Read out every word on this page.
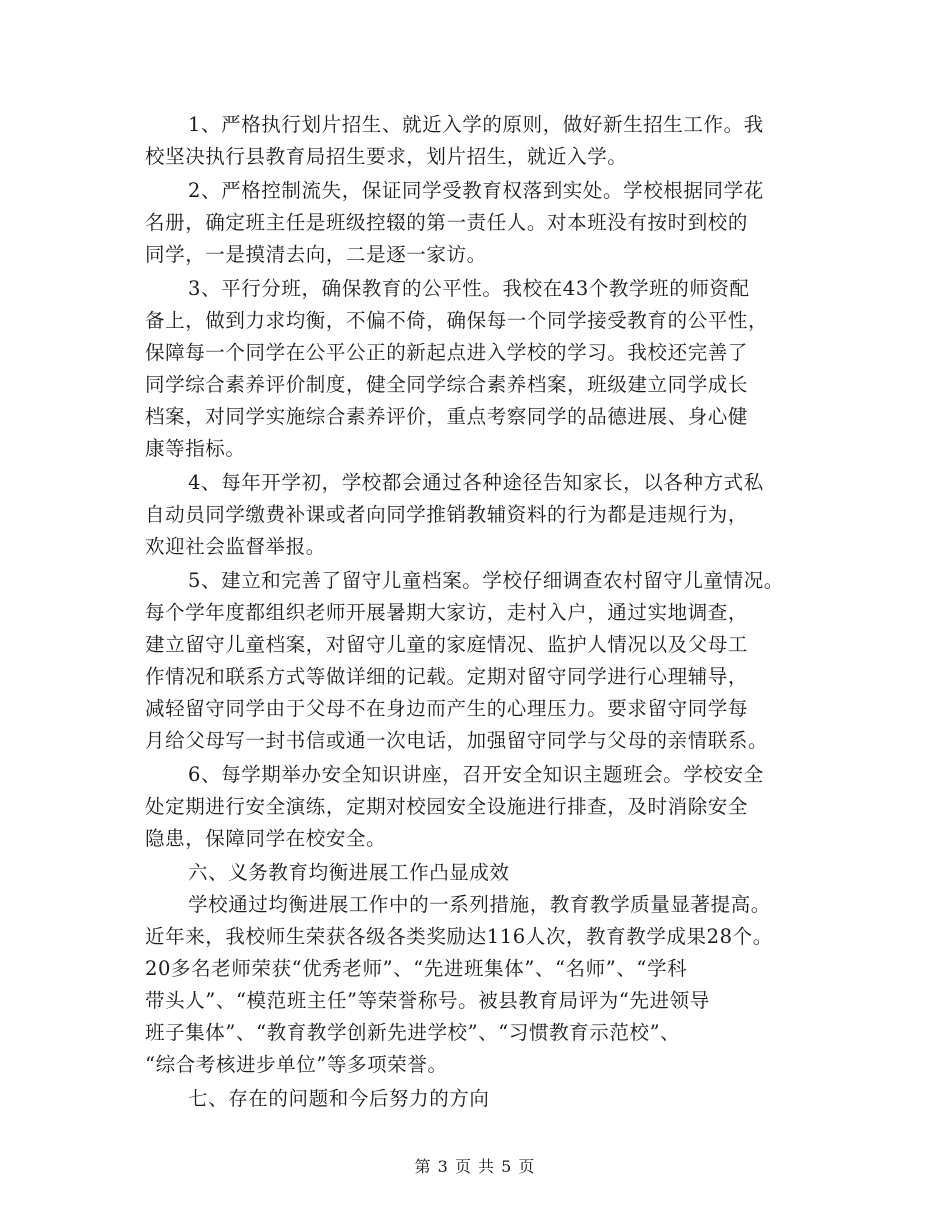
1、严格执行划片招生、就近入学的原则，做好新生招生工作。我
校坚决执行县教育局招生要求，划片招生，就近入学。
2、严格控制流失，保证同学受教育权落到实处。学校根据同学花
名册，确定班主任是班级控辍的第一责任人。对本班没有按时到校的
同学，一是摸清去向，二是逐一家访。
3、平行分班，确保教育的公平性。我校在43个教学班的师资配
备上，做到力求均衡，不偏不倚，确保每一个同学接受教育的公平性，
保障每一个同学在公平公正的新起点进入学校的学习。我校还完善了
同学综合素养评价制度，健全同学综合素养档案，班级建立同学成长
档案，对同学实施综合素养评价，重点考察同学的品德进展、身心健
康等指标。
4、每年开学初，学校都会通过各种途径告知家长，以各种方式私
自动员同学缴费补课或者向同学推销教辅资料的行为都是违规行为，
欢迎社会监督举报。
5、建立和完善了留守儿童档案。学校仔细调查农村留守儿童情况。
每个学年度都组织老师开展暑期大家访，走村入户，通过实地调查，
建立留守儿童档案，对留守儿童的家庭情况、监护人情况以及父母工
作情况和联系方式等做详细的记载。定期对留守同学进行心理辅导，
减轻留守同学由于父母不在身边而产生的心理压力。要求留守同学每
月给父母写一封书信或通一次电话，加强留守同学与父母的亲情联系。
6、每学期举办安全知识讲座，召开安全知识主题班会。学校安全
处定期进行安全演练，定期对校园安全设施进行排查，及时消除安全
隐患，保障同学在校安全。
六、义务教育均衡进展工作凸显成效
学校通过均衡进展工作中的一系列措施，教育教学质量显著提高。
近年来，我校师生荣获各级各类奖励达116人次，教育教学成果28个。
20多名老师荣获“优秀老师”、“先进班集体”、“名师”、“学科
带头人”、“模范班主任”等荣誉称号。被县教育局评为“先进领导
班子集体”、“教育教学创新先进学校”、“习惯教育示范校”、
“综合考核进步单位”等多项荣誉。
七、存在的问题和今后努力的方向
第 3 页 共 5 页
